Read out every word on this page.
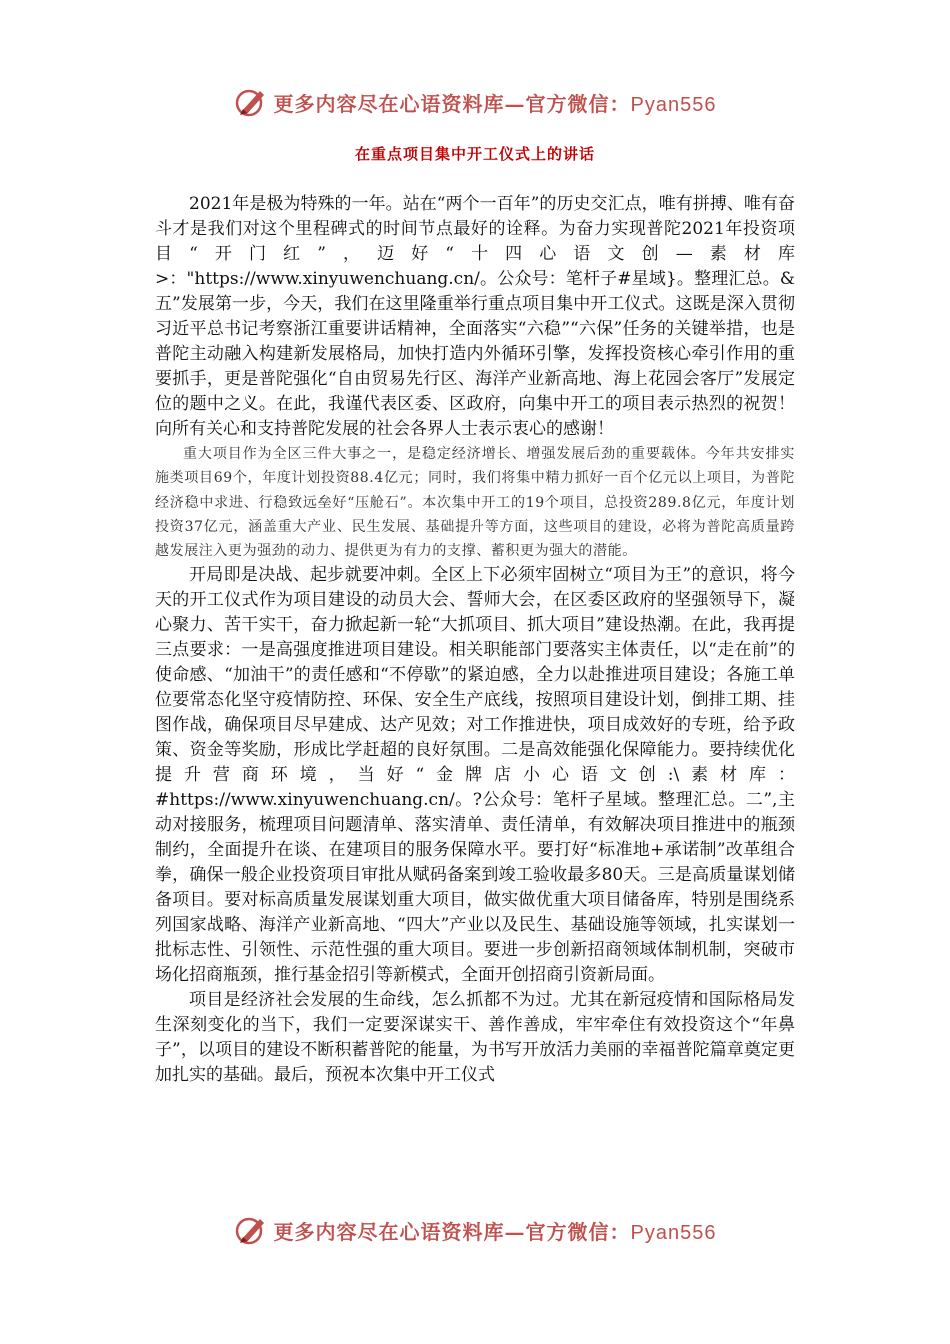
更多内容尽在心语资料库—官方微信：Pyan556
在重点项目集中开工仪式上的讲话

2021年是极为特殊的一年。站在“两个一百年”的历史交汇点，唯有拼搏、唯有奋斗才是我们对这个里程碑式的时间节点最好的诠释。为奋力实现普陀2021年投资项目“开门红”，迈好“十四心语文创—素材库>："https://www.xinyuwenchuang.cn/。公众号：笔杆子#星域}。整理汇总。&五”发展第一步，今天，我们在这里隆重举行重点项目集中开工仪式。这既是深入贯彻习近平总书记考察浙江重要讲话精神，全面落实“六稳”“六保”任务的关键举措，也是普陀主动融入构建新发展格局，加快打造内外循环引擎，发挥投资核心牵引作用的重要抓手，更是普陀强化“自由贸易先行区、海洋产业新高地、海上花园会客厅”发展定位的题中之义。在此，我谨代表区委、区政府，向集中开工的项目表示热烈的祝贺！向所有关心和支持普陀发展的社会各界人士表示衷心的感谢！

重大项目作为全区三件大事之一，是稳定经济增长、增强发展后劲的重要载体。今年共安排实施类项目69个，年度计划投资88.4亿元；同时，我们将集中精力抓好一百个亿元以上项目，为普陀经济稳中求进、行稳致远垒好“压舱石”。本次集中开工的19个项目，总投资289.8亿元，年度计划投资37亿元，涵盖重大产业、民生发展、基础提升等方面，这些项目的建设，必将为普陀高质量跨越发展注入更为强劲的动力、提供更为有力的支撑、蓄积更为强大的潜能。

开局即是决战、起步就要冲刺。全区上下必须牢固树立“项目为王”的意识，将今天的开工仪式作为项目建设的动员大会、誓师大会，在区委区政府的坚强领导下，凝心聚力、苦干实干，奋力掀起新一轮“大抓项目、抓大项目”建设热潮。在此，我再提三点要求：一是高强度推进项目建设。相关职能部门要落实主体责任，以“走在前”的使命感、“加油干”的责任感和“不停歇”的紧迫感，全力以赴推进项目建设；各施工单位要常态化坚守疫情防控、环保、安全生产底线，按照项目建设计划，倒排工期、挂图作战，确保项目尽早建成、达产见效；对工作推进快，项目成效好的专班，给予政策、资金等奖励，形成比学赶超的良好氛围。二是高效能强化保障能力。要持续优化提升营商环境，当好“金牌店小心语文创:\素材库：#https://www.xinyuwenchuang.cn/。?公众号：笔杆子星域。整理汇总。二”,主动对接服务，梳理项目问题清单、落实清单、责任清单，有效解决项目推进中的瓶颈制约，全面提升在谈、在建项目的服务保障水平。要打好“标准地+承诺制”改革组合拳，确保一般企业投资项目审批从赋码备案到竣工验收最多80天。三是高质量谋划储备项目。要对标高质量发展谋划重大项目，做实做优重大项目储备库，特别是围绕系列国家战略、海洋产业新高地、“四大”产业以及民生、基础设施等领域，扎实谋划一批标志性、引领性、示范性强的重大项目。要进一步创新招商领域体制机制，突破市场化招商瓶颈，推行基金招引等新模式，全面开创招商引资新局面。

项目是经济社会发展的生命线，怎么抓都不为过。尤其在新冠疫情和国际格局发生深刻变化的当下，我们一定要深谋实干、善作善成，牢牢牵住有效投资这个“年鼻子”，以项目的建设不断积蓄普陀的能量，为书写开放活力美丽的幸福普陀篇章奠定更加扎实的基础。最后，预祝本次集中开工仪式

更多内容尽在心语资料库—官方微信：Pyan556
